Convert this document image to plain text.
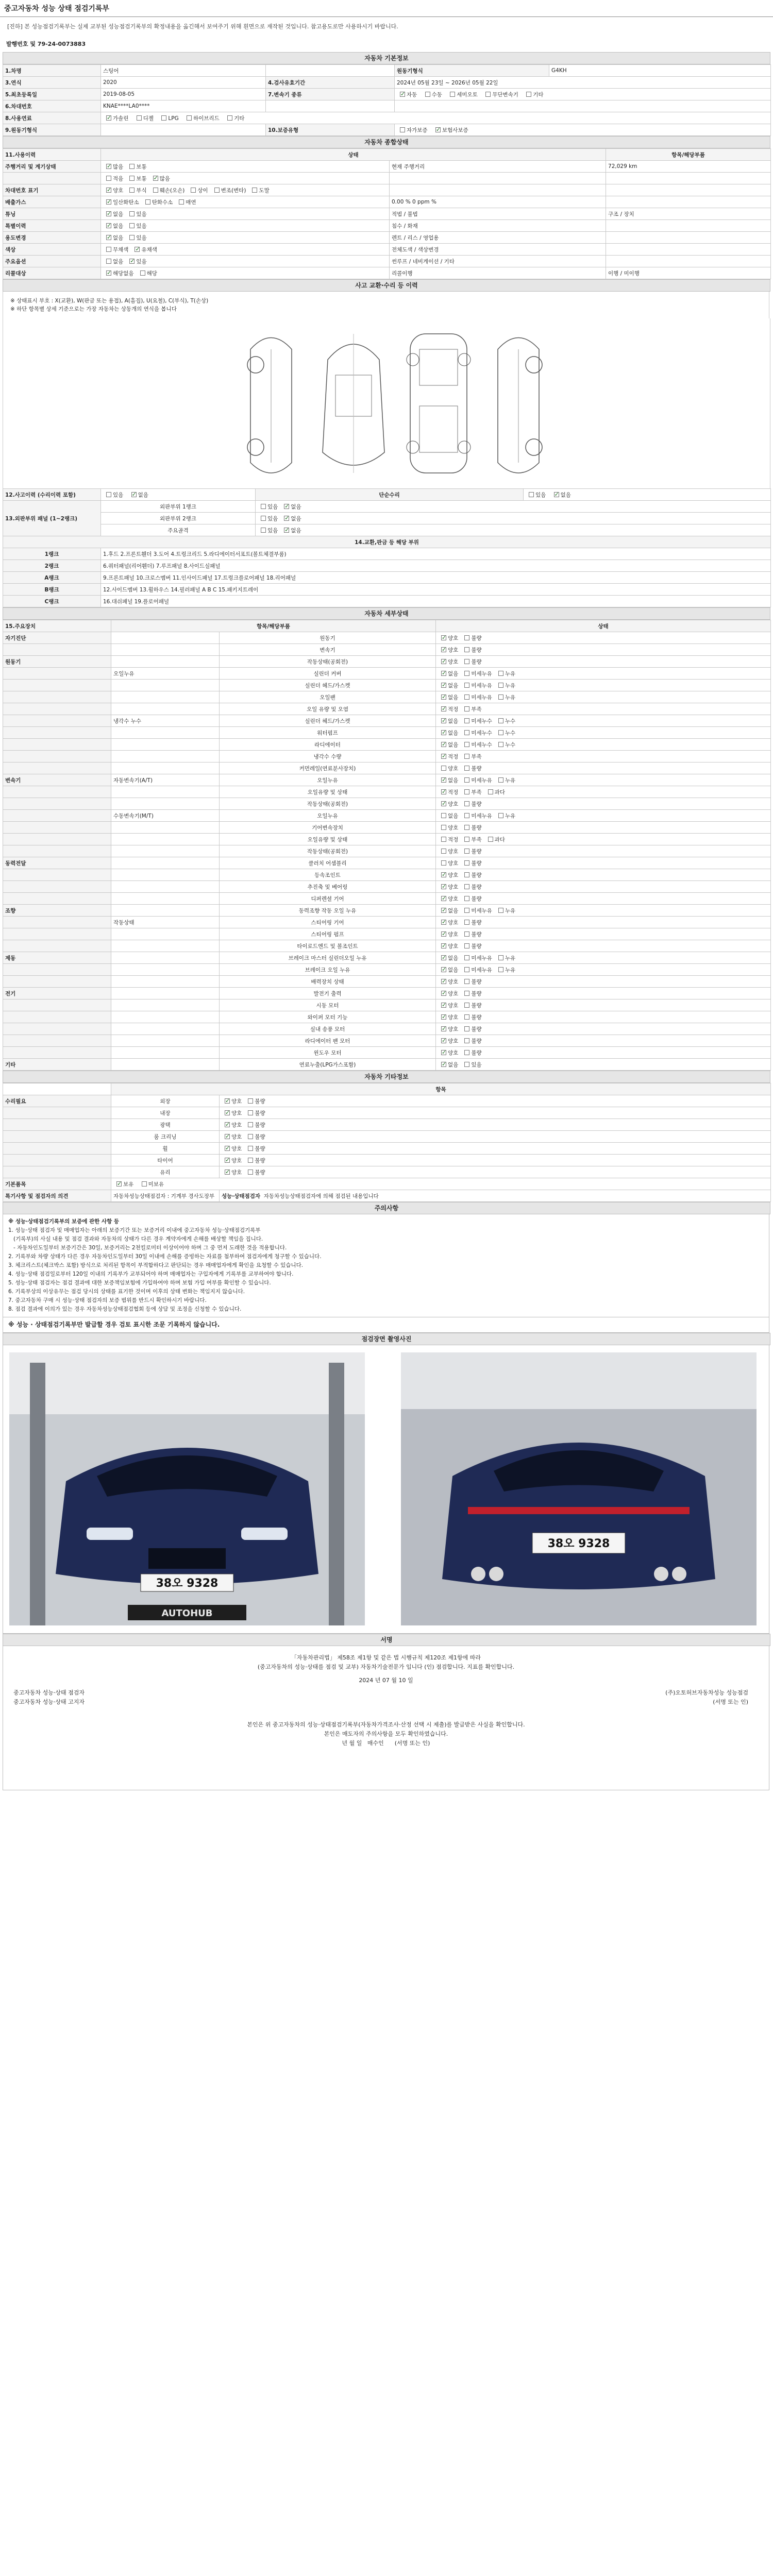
중고자동차 성능 상태 점검기록부
[진하] 본 성능점검기록부는 실제 교부된 성능점검기록부의 확정내용을 옮긴해서 보여주기 위해 흰면으로 재작된 것입니다. 참고용도로만 사용하시기 바랍니다.
발행번호 및 79-24-0073883
자동차 기본정보
1.차명	스팅어		원동기형식	G4KH
3.연식	2020	4.검사유효기간	2024년 05월 23일 ~ 2026년 05월 22일	
5.최초등록일	2019-08-05	7.변속기 종류	✓자동 수동 세미오토 무단변속기 기타
6.차대번호	KNAE****LA0****			
8.사용연료	✓가솔린 디젤 LPG 하이브리드 기타
9.원동기형식		10.보증유형	자가보증 ✓ 보험사보증
자동차 종합상태
11.사용이력	상태		항목/해당부품
주행거리 및 계기상태	✓많음 보통	현재 주행거리	72,029 km
	적음 보통 ✓ 많음		
차대번호 표기	✓양호 부식 훼손(오손) 상이 변조(변타) 도말		
배출가스	✓일산화탄소 탄화수소 매연	0.00 % 0 ppm %	
튜닝	✓없음 있음	적법 / 불법	구조 / 장치
특별이력	✓없음 있음	침수 / 화재	
용도변경	✓없음 있음	렌트 / 리스 / 영업용	
색상	무채색 ✓ 유채색	전체도색 / 색상변경	
주요옵션	없음 ✓ 있음	썬루프 / 네비게이션 / 기타	
리콜대상	✓해당없음 해당	리콜이행	이행 / 미이행
사고 교환·수리 등 이력
※ 상태표시 부호 : X(교환), W(판금 또는 용접), A(흠집), U(요철), C(부식), T(손상)
※ 하단 항목별 상세 기준으로는 가장 자동차는 상동개의 연식을 봅니다
12.사고이력 (수리이력 포함)	있음 ✓ 없음	단순수리	있음 ✓ 없음
13.외판부위 패널 (1~2랭크)	외판부위 1랭크	있음 ✓ 없음
	외판부위 2랭크	있음 ✓ 없음
	주요골격	있음 ✓ 없음
14.교환,판금 등 해당 부위			
1랭크	1.후드 2.프론트휀더 3.도어 4.트렁크리드 5.라디에이터서포트(볼트체결부품)		
2랭크	6.쿼터패널(리어휀더) 7.루프패널 8.사이드실패널		
A랭크	9.프론트패널 10.크로스멤버 11.인사이드패널 17.트렁크플로어패널 18.리어패널		
B랭크	12.사이드멤버 13.휠하우스 14.필러패널 A B C 15.패키지트레이		
C랭크	16.대쉬패널 19.플로어패널		
자동차 세부상태
15.주요장치	항목/해당부품		상태
자기진단		원동기	✓양호 불량
		변속기	✓양호 불량
원동기		작동상태(공회전)	✓양호 불량
	오일누유	실린더 커버	✓없음 미세누유 누유
		실린더 헤드/가스켓	✓없음 미세누유 누유
		오일팬	✓없음 미세누유 누유
		오일 유량 및 오염	✓적정 부족
	냉각수 누수	실린더 헤드/가스켓	✓없음 미세누수 누수
		워터펌프	✓없음 미세누수 누수
		라디에이터	✓없음 미세누수 누수
		냉각수 수량	✓적정 부족
		커먼레일(연료분사장치)	양호 불량
변속기	자동변속기(A/T)	오일누유	✓없음 미세누유 누유
		오일유량 및 상태	✓적정 부족 과다
		작동상태(공회전)	✓양호 불량
	수동변속기(M/T)	오일누유	없음 미세누유 누유
		기어변속장치	양호 불량
		오일유량 및 상태	적정 부족 과다
		작동상태(공회전)	양호 불량
동력전달		클러치 어셈블리	양호 불량
		등속조인트	✓양호 불량
		추진축 및 베어링	✓양호 불량
		디퍼렌셜 기어	✓양호 불량
조향		동력조향 작동 오일 누유	✓없음 미세누유 누유
	작동상태	스티어링 기어	✓양호 불량
		스티어링 펌프	✓양호 불량
		타이로드엔드 및 볼조인트	✓양호 불량
제동		브레이크 마스터 실린더오일 누유	✓없음 미세누유 누유
		브레이크 오일 누유	✓없음 미세누유 누유
		배력장치 상태	✓양호 불량
전기		발전기 출력	✓양호 불량
		시동 모터	✓양호 불량
		와이퍼 모터 기능	✓양호 불량
		실내 송풍 모터	✓양호 불량
		라디에이터 팬 모터	✓양호 불량
		윈도우 모터	✓양호 불량
기타		연료누출(LPG가스포함)	✓없음 있음
자동차 기타정보
	항목	
수리필요	외장	✓양호 불량
	내장	✓양호 불량
	광택	✓양호 불량
	룸 크리닝	✓양호 불량
	휠	✓양호 불량
	타이어	✓양호 불량
	유리	✓양호 불량
기본품목	✓보유 미보유
특기사항 및 점검자의 의견	자동차성능상태점검자 : 기계부 경사도장부	성능·상태점검자 자동차성능상태점검자에 의해 점검된 내용입니다
주의사항
※ 성능·상태점검기록부의 보증에 관한 사항 등
1. 성능·상태 점검자 및 매매업자는 아래의 보증기간 또는 보증거리 이내에 중고자동차 성능·상태점검기록부
(기록부)의 사실 내용 및 점검 결과와 자동차의 상태가 다른 경우 계약자에게 손해를 배상할 책임을 집니다.
- 자동차인도일부터 보증기간은 30일, 보증거리는 2천킬로미터 이상이어야 하며 그 중 먼저 도래한 것을 적용합니다.
2. 기록부와 차량 상태가 다른 경우 자동차인도일부터 30일 이내에 손해를 증빙하는 자료를 첨부하여 점검자에게 청구할 수 있습니다.
3. 체크리스트(체크박스 포함) 방식으로 처리된 항목이 부적합하다고 판단되는 경우 매매업자에게 확인을 요청할 수 있습니다.
4. 성능·상태 점검일로부터 120일 이내의 기록부가 교부되어야 하며 매매업자는 구입자에게 기록부를 교부하여야 합니다.
5. 성능·상태 점검자는 점검 결과에 대한 보증책임보험에 가입하여야 하며 보험 가입 여부를 확인할 수 있습니다.
6. 기록부상의 이상유무는 점검 당시의 상태를 표기한 것이며 이후의 상태 변화는 책임지지 않습니다.
7. 중고자동차 구매 시 성능·상태 점검자의 보증 범위를 반드시 확인하시기 바랍니다.
8. 점검 결과에 이의가 있는 경우 자동차성능상태점검협회 등에 상담 및 조정을 신청할 수 있습니다.
※ 성능 · 상태점검기록부만 발급할 경우 검토 표시한 조문 기록하지 않습니다.
점검장면 촬영사진
38오 9328
AUTOHUB
38오 9328
서명
「자동차관리법」 제58조 제1항 및 같은 법 시행규칙 제120조 제1항에 따라
(중고자동차의 성능·상태를 점검 및 교부) 자동차기술전문가 입니다 (인) 점검합니다. 지표를 확인합니다.
2024 년 07 월 10 일
중고자동차 성능·상태 점검자	(주)오토허브자동차성능 성능점검
중고자동차 성능·상태 고지자	(서명 또는 인)
본인은 위 중고자동차의 성능·상태점검기록부(자동차가격조사·산정 선택 시 제출)를 발급받은 사실을 확인합니다.
본인은 매도자의 주의사항을 모두 확인하였습니다.
년 월 일 매수인 (서명 또는 인)
